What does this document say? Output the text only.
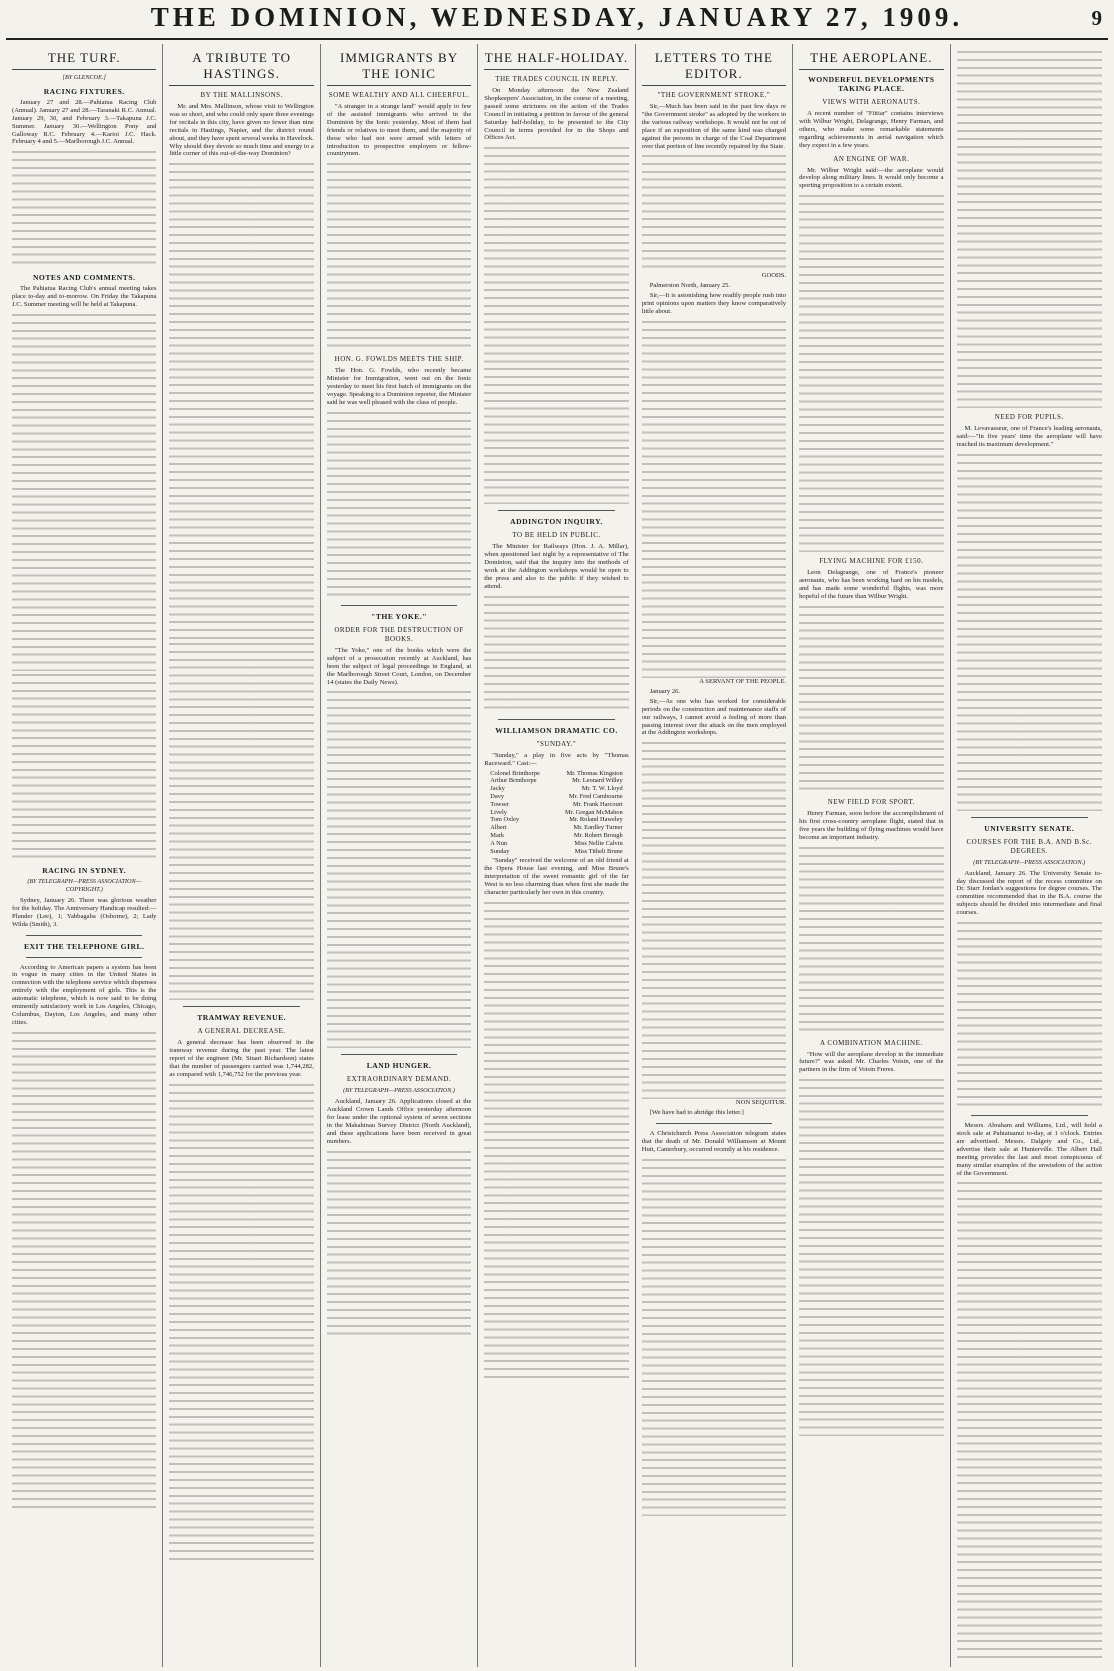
THE DOMINION, WEDNESDAY, JANUARY 27, 1909.	9
THE TURF.
[BY GLENCOE.]
RACING FIXTURES.

January 27 and 28.—Pahiatua Racing Club (Annual). January 27 and 28.—Taranaki R.C. Annual. January 29, 30, and February 3.—Takapuna J.C. Summer. January 30.—Wellington Pony and Galloway R.C. February 4.—Karioi J.C. Hack. February 4 and 5.—Marlborough J.C. Annual.

NOTES AND COMMENTS.

The Pahiatua Racing Club's annual meeting takes place to-day and to-morrow. On Friday the Takapuna J.C. Summer meeting will be held at Takapuna.

RACING IN SYDNEY.
(BY TELEGRAPH—PRESS ASSOCIATION—COPYRIGHT.)

Sydney, January 26. There was glorious weather for the holiday. The Anniversary Handicap resulted:—Plunder (Lee), 1; Yabbagaba (Osborne), 2; Lady Wilda (Smith), 3.

EXIT THE TELEPHONE GIRL.

According to American papers a system has been in vogue in many cities in the United States in connection with the telephone service which dispenses entirely with the employment of girls. This is the automatic telephone, which is now said to be doing eminently satisfactory work in Los Angeles, Chicago, Columbus, Dayton, Los Angeles, and many other cities.

A TRIBUTE TO HASTINGS.
BY THE MALLINSONS.

Mr. and Mrs. Mallinson, whose visit to Wellington was so short, and who could only spare three evenings for recitals in this city, have given no fewer than nine recitals in Hastings, Napier, and the district round about, and they have spent several weeks in Havelock. Why should they devote so much time and energy to a little corner of this out-of-the-way Dominion?

TRAMWAY REVENUE.
A GENERAL DECREASE.

A general decrease has been observed in the tramway revenue during the past year. The latest report of the engineer (Mr. Stuart Richardson) states that the number of passengers carried was 1,744,282, as compared with 1,746,752 for the previous year.

IMMIGRANTS BY THE IONIC
SOME WEALTHY AND ALL CHEERFUL.

"A stranger in a strange land" would apply to few of the assisted immigrants who arrived in the Dominion by the Ionic yesterday. Most of them had friends or relatives to meet them, and the majority of those who had not were armed with letters of introduction to prospective employers or fellow-countrymen.

HON. G. FOWLDS MEETS THE SHIP.

The Hon. G. Fowlds, who recently became Minister for Immigration, went out on the Ionic yesterday to meet his first batch of immigrants on the voyage. Speaking to a Dominion reporter, the Minister said he was well pleased with the class of people.

"THE YOKE."
ORDER FOR THE DESTRUCTION OF BOOKS.

"The Yoke," one of the books which were the subject of a prosecution recently at Auckland, has been the subject of legal proceedings in England, at the Marlborough Street Court, London, on December 14 (states the Daily News).

LAND HUNGER.
EXTRAORDINARY DEMAND.
(BY TELEGRAPH—PRESS ASSOCIATION.)

Auckland, January 26. Applications closed at the Auckland Crown Lands Office yesterday afternoon for lease under the optional system of seven sections in the Makahinau Survey District (North Auckland), and these applications have been received in great numbers.

THE HALF-HOLIDAY.
THE TRADES COUNCIL IN REPLY.

On Monday afternoon the New Zealand Shopkeepers' Association, in the course of a meeting, passed some strictures on the action of the Trades Council in initiating a petition in favour of the general Saturday half-holiday, to be presented to the City Council in terms provided for in the Shops and Offices Act.

ADDINGTON INQUIRY.
TO BE HELD IN PUBLIC.

The Minister for Railways (Hon. J. A. Millar), when questioned last night by a representative of The Dominion, said that the inquiry into the methods of work at the Addington workshops would be open to the press and also to the public if they wished to attend.

WILLIAMSON DRAMATIC CO.
"SUNDAY."

"Sunday," a play in five acts by "Thomas Raceward." Cast:—

Colonel Brinthorpe	Mr. Thomas Kingston
Arthur Brinthorpe	Mr. Leonard Willey
Jacky	Mr. T. W. Lloyd
Davy	Mr. Fred Cambourne
Towser	Mr. Frank Harcourt
Lively	Mr. Gregan McMahon
Tom Oxley	Mr. Roland Haweley
Albert	Mr. Eardley Turner
Mark	Mr. Robert Brough
A Nun	Miss Nellie Calvin
Sunday	Miss Titheli Brune

"Sunday" received the welcome of an old friend at the Opera House last evening, and Miss Brune's interpretation of the sweet romantic girl of the far West is no less charming than when first she made the character particularly her own in this country.

LETTERS TO THE EDITOR.
"THE GOVERNMENT STROKE."

Sir,—Much has been said in the past few days re "the Government stroke" as adopted by the workers in the various railway workshops. It would not be out of place if an exposition of the same kind was charged against the persons in charge of the Coal Department over that portion of line recently repaired by the State.

GOODS.

Palmerston North, January 25.

Sir,—It is astonishing how readily people rush into print opinions upon matters they know comparatively little about.

A SERVANT OF THE PEOPLE.

January 26.

Sir,—As one who has worked for considerable periods on the construction and maintenance staffs of our railways, I cannot avoid a feeling of more than passing interest over the attack on the men employed at the Addington workshops.

NON SEQUITUR.

[We have had to abridge this letter.]

A Christchurch Press Association telegram states that the death of Mr. Donald Williamson at Mount Hutt, Canterbury, occurred recently at his residence.

THE AEROPLANE.
WONDERFUL DEVELOPMENTS TAKING PLACE.
VIEWS WITH AERONAUTS.

A recent number of "Fiitiar" contains interviews with Wilbur Wright, Delagrange, Henry Farman, and others, who make some remarkable statements regarding achievements in aerial navigation which they expect in a few years.

AN ENGINE OF WAR.

Mr. Wilbur Wright said:—the aeroplane would develop along military lines. It would only become a sporting proposition to a certain extent.

FLYING MACHINE FOR £150.

Leon Delagrange, one of France's pioneer aeronauts, who has been working hard on his models, and has made some wonderful flights, was more hopeful of the future than Wilbur Wright.

NEW FIELD FOR SPORT.

Henry Farman, soon before the accomplishment of his first cross-country aeroplane flight, stated that in five years the building of flying machines would have become an important industry.

A COMBINATION MACHINE.

"How will the aeroplane develop in the immediate future?" was asked Mr. Charles Voisin, one of the partners in the firm of Voisin Freres.

NEED FOR PUPILS.

M. Levavasseur, one of France's leading aeronauts, said:—"In five years' time the aeroplane will have reached its maximum development."

UNIVERSITY SENATE.
COURSES FOR THE B.A. AND B.Sc. DEGREES.
(BY TELEGRAPH—PRESS ASSOCIATION.)

Auckland, January 26. The University Senate to-day discussed the report of the recess committee on Dr. Starr Jordan's suggestions for degree courses. The committee recommended that in the B.A. course the subjects should be divided into intermediate and final courses.

Messrs. Abraham and Williams, Ltd., will hold a stock sale at Pahiatuanui to-day, at 1 o'clock. Entries are advertised. Messrs. Dalgety and Co., Ltd., advertise their sale at Hunterville. The Albert Hall meeting provides the last and most conspicuous of many similar examples of the unwisdom of the action of the Government.
